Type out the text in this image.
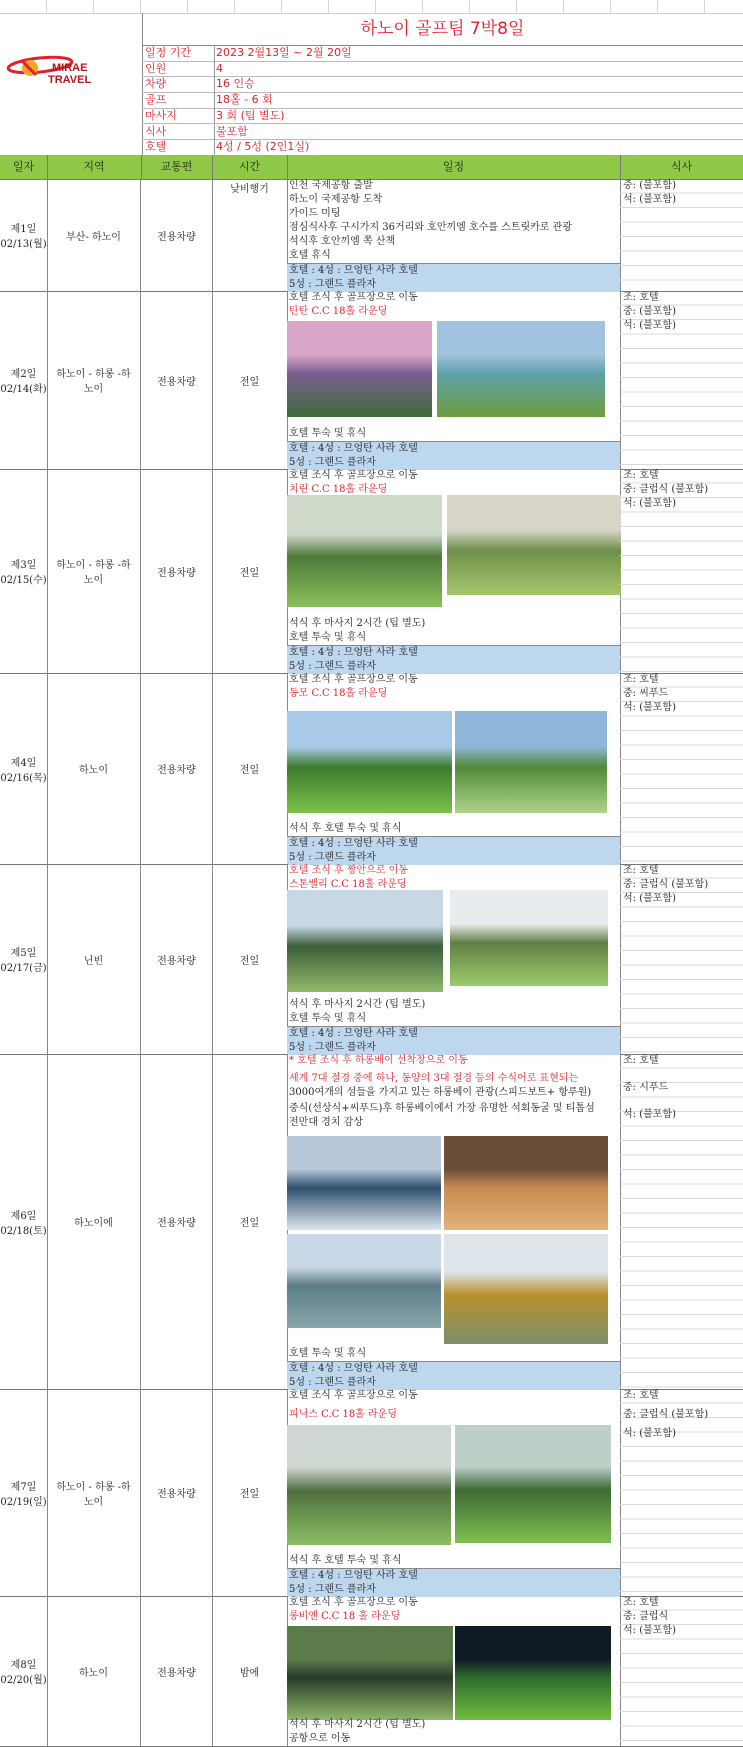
MIRAE
TRAVEL
하노이 골프팀 7박8일
일정 기간	2023 2월13일 ~ 2월 20일
인원	4
차량	16 인승
골프	18홀 - 6 회
마사지	3 회 (팁 별도)
식사	불포함
호텔	4성 / 5성 (2인1실)
일자	지역	교통편	시간	일정	식사
제1일
02/13(월)
부산- 하노이	전용차량
낮비행기	인천 국제공항 출발
하노이 국제공항 도착
가이드 미팅
점심식사후 구시가지 36거리와 호안끼엠 호수를 스트릿카로 관광
석식후 호안끼엠 쪽 산책
호텔 휴식
호텔 : 4성 : 므엉탄 사라 호텔
5성 : 그랜드 플라자
중: (불포함)
석: (불포함)
제2일
02/14(화)
하노이 - 하롱 -하노이
전용차량	전일
호텔 조식 후 골프장으로 이동
탄탄 C.C 18홀 라운딩
호텔 투숙 및 휴식
호텔 : 4성 : 므엉탄 사라 호텔
5성 : 그랜드 플라자
조: 호텔
중: (불포함)
석: (불포함)
제3일
02/15(수)
하노이 - 하롱 -하노이
전용차량	전일
호텔 조식 후 골프장으로 이동
치린 C.C 18홀 라운딩
석식 후 마사지 2시간 (팁 별도)
호텔 투숙 및 휴식
호텔 : 4성 : 므엉탄 사라 호텔
5성 : 그랜드 플라자
조: 호텔
중: 클럽식 (불포함)
석: (불포함)
제4일
02/16(목)
하노이	전용차량	전일
호텔 조식 후 골프장으로 이동
동모 C.C 18홀 라운딩
석식 후 호텔 투숙 및 휴식
호텔 : 4성 : 므엉탄 사라 호텔
5성 : 그랜드 플라자
조: 호텔
중: 씨푸드
석: (불포함)
제5일
02/17(금)
닌빈	전용차량	전일
호텔 조식 후 짱안으로 이동
스톤밸리 C.C 18홀 라운딩
석식 후 마사지 2시간 (팁 별도)
호텔 투숙 및 휴식
호텔 : 4성 : 므엉탄 사라 호텔
5성 : 그랜드 플라자
조: 호텔
중: 클럽식 (불포함)
석: (불포함)
제6일
02/18(토)
하노이에	전용차량	전일
* 호텔 조식 후 하롱베이 선착장으로 이동
세계 7대 절경 중에 하나, 동양의 3대 절경 등의 수식어로 표현되는
3000여개의 섬들을 가지고 있는 하롱베이 관광(스피드보트+ 항루원)
중식(선상식+씨푸드)후 하롱베이에서 가장 유명한 석회동굴 및 티톱섬
전만대 경치 감상
호텔 투숙 및 휴식
호텔 : 4성 : 므엉탄 사라 호텔
5성 : 그랜드 플라자
조: 호텔
중: 시푸드
석: (불포함)
제7일
02/19(일)
하노이 - 하롱 -하노이
전용차량	전일
호텔 조식 후 골프장으로 이동
피닉스 C.C 18홀 라운딩
석식 후 호텔 투숙 및 휴식
호텔 : 4성 : 므엉탄 사라 호텔
5성 : 그랜드 플라자
조: 호텔
중: 클럽식 (불포함)
석: (불포함)
제8일
02/20(월)
하노이	전용차량	밤에
호텔 조식 후 골프장으로 이동
롱비엔 C.C 18 홀 라운딩
석식 후 마사지 2시간 (팁 별도)
공항으로 이동
조: 호텔
중: 클럽식
석: (불포함)
